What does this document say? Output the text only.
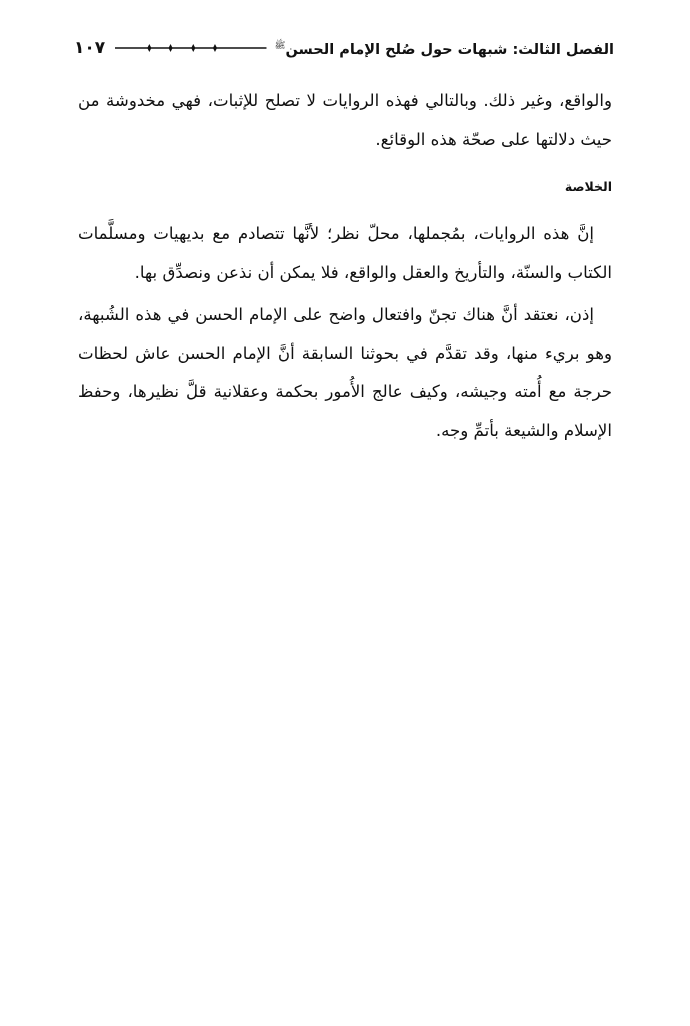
١٠٧	الفصل الثالث: شبهات حول صُلح الإمام الحسن$^ﷺ$

والواقع، وغير ذلك. وبالتالي فهذه الروايات لا تصلح للإثبات، فهي مخدوشة من حيث دلالتها على صحّة هذه الوقائع.

الخلاصة

إنَّ هذه الروايات، بمُجملها، محلّ نظر؛ لأنَّها تتصادم مع بديهيات ومسلَّمات الكتاب والسنّة، والتأريخ والعقل والواقع، فلا يمكن أن نذعن ونصدِّق بها.

إذن، نعتقد أنَّ هناك تجنّ وافتعال واضح على الإمام الحسن في هذه الشُبهة، وهو بريء منها، وقد تقدَّم في بحوثنا السابقة أنَّ الإمام الحسن عاش لحظات حرجة مع أُمته وجيشه، وكيف عالج الأُمور بحكمة وعقلانية قلَّ نظيرها، وحفظ الإسلام والشيعة بأتمِّ وجه.
